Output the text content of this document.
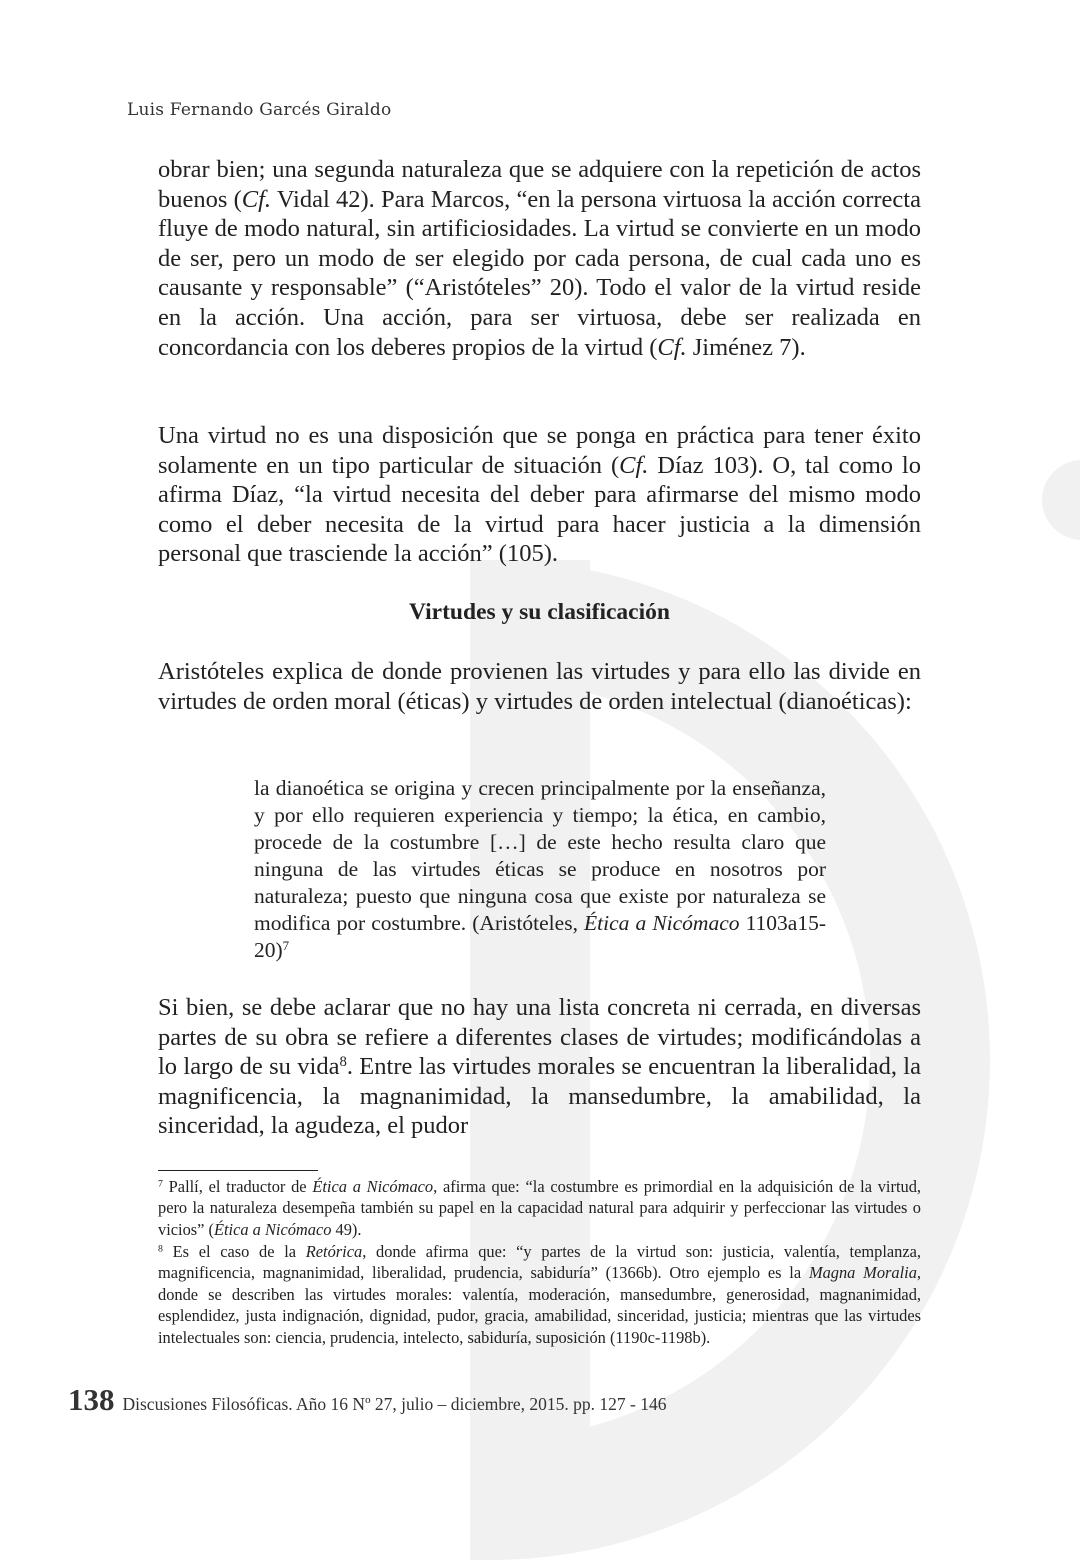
Luis Fernando Garcés Giraldo

obrar bien; una segunda naturaleza que se adquiere con la repetición de actos buenos (Cf. Vidal 42). Para Marcos, “en la persona virtuosa la acción correcta fluye de modo natural, sin artificiosidades. La virtud se convierte en un modo de ser, pero un modo de ser elegido por cada persona, de cual cada uno es causante y responsable” (“Aristóteles” 20). Todo el valor de la virtud reside en la acción. Una acción, para ser virtuosa, debe ser realizada en concordancia con los deberes propios de la virtud (Cf. Jiménez 7).

Una virtud no es una disposición que se ponga en práctica para tener éxito solamente en un tipo particular de situación (Cf. Díaz 103). O, tal como lo afirma Díaz, “la virtud necesita del deber para afirmarse del mismo modo como el deber necesita de la virtud para hacer justicia a la dimensión personal que trasciende la acción” (105).

Virtudes y su clasificación

Aristóteles explica de donde provienen las virtudes y para ello las divide en virtudes de orden moral (éticas) y virtudes de orden intelectual (dianoéticas):

la dianoética se origina y crecen principalmente por la enseñanza, y por ello requieren experiencia y tiempo; la ética, en cambio, procede de la costumbre […] de este hecho resulta claro que ninguna de las virtudes éticas se produce en nosotros por naturaleza; puesto que ninguna cosa que existe por naturaleza se modifica por costumbre. (Aristóteles, Ética a Nicómaco 1103a15-20)$^7$

Si bien, se debe aclarar que no hay una lista concreta ni cerrada, en diversas partes de su obra se refiere a diferentes clases de virtudes; modificándolas a lo largo de su vida$^8$. Entre las virtudes morales se encuentran la liberalidad, la magnificencia, la magnanimidad, la mansedumbre, la amabilidad, la sinceridad, la agudeza, el pudor

$^7$ Pallí, el traductor de Ética a Nicómaco, afirma que: “la costumbre es primordial en la adquisición de la virtud, pero la naturaleza desempeña también su papel en la capacidad natural para adquirir y perfeccionar las virtudes o vicios” (Ética a Nicómaco 49).

$^8$ Es el caso de la Retórica, donde afirma que: “y partes de la virtud son: justicia, valentía, templanza, magnificencia, magnanimidad, liberalidad, prudencia, sabiduría” (1366b). Otro ejemplo es la Magna Moralia, donde se describen las virtudes morales: valentía, moderación, mansedumbre, generosidad, magnanimidad, esplendidez, justa indignación, dignidad, pudor, gracia, amabilidad, sinceridad, justicia; mientras que las virtudes intelectuales son: ciencia, prudencia, intelecto, sabiduría, suposición (1190c-1198b).

138 Discusiones Filosóficas. Año 16 Nº 27, julio – diciembre, 2015. pp. 127 - 146
